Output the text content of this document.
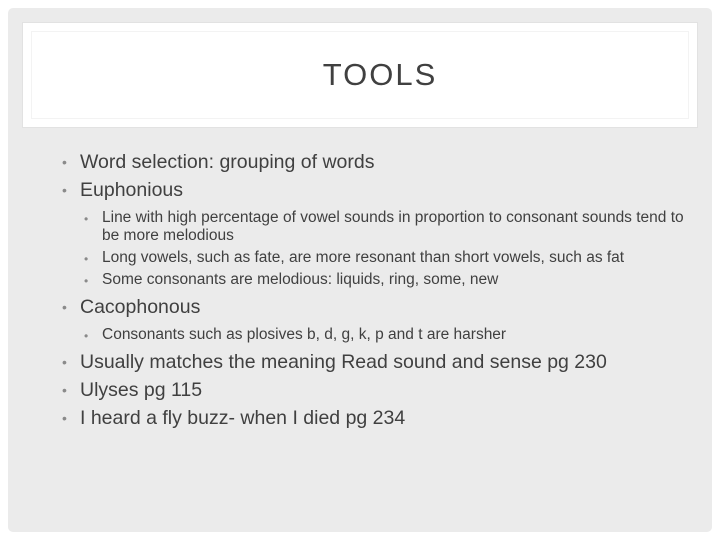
TOOLS
• Word selection: grouping of words
• Euphonious
• Line with high percentage of vowel sounds in proportion to consonant sounds tend to be more melodious
• Long vowels, such as fate, are more resonant than short vowels, such as fat
• Some consonants are melodious: liquids, ring, some, new
• Cacophonous
• Consonants such as plosives b, d, g, k, p and t are harsher
• Usually matches the meaning Read sound and sense pg 230
• Ulyses pg 115
• I heard a fly buzz- when I died pg 234
